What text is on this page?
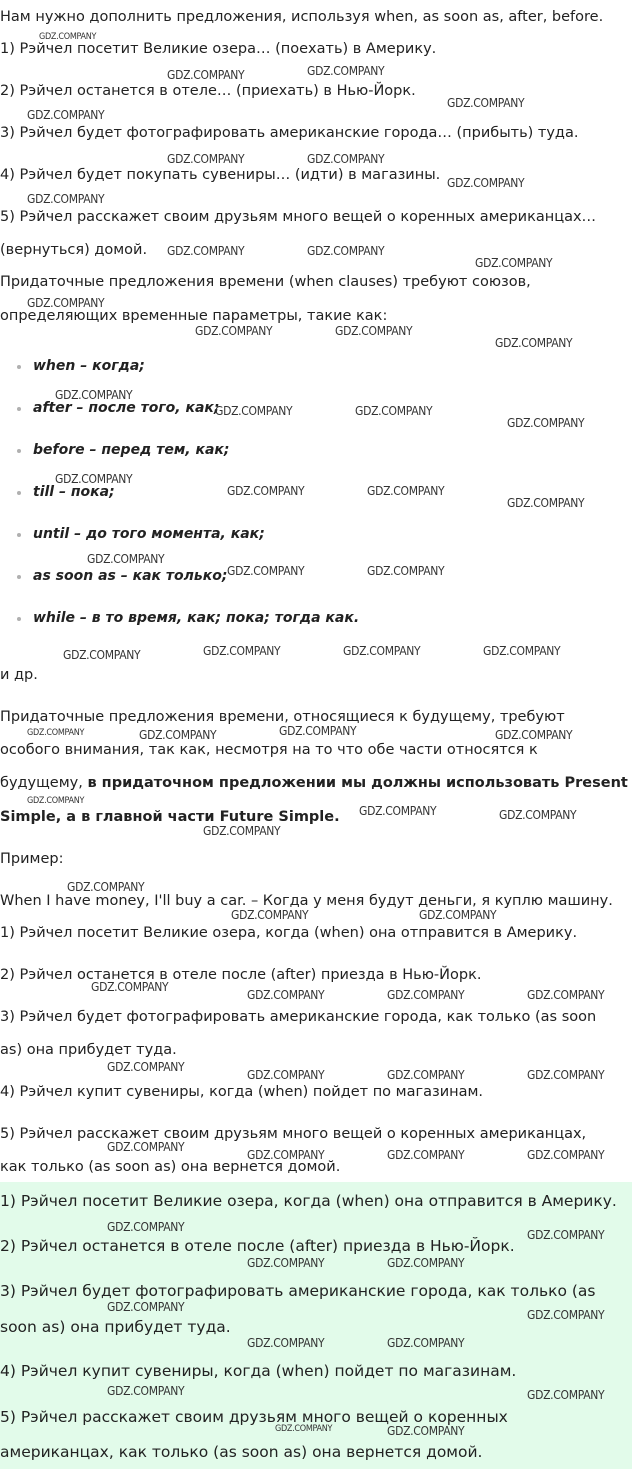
Нам нужно дополнить предложения, используя when, as soon as, after, before.
1) Рэйчел посетит Великие озера… (поехать) в Америку.
2) Рэйчел останется в отеле… (приехать) в Нью-Йорк.
3) Рэйчел будет фотографировать американские города… (прибыть) туда.
4) Рэйчел будет покупать сувениры… (идти) в магазины.
5) Рэйчел расскажет своим друзьям много вещей о коренных американцах…
(вернуться) домой.
Придаточные предложения времени (when clauses) требуют союзов,
определяющих временные параметры, такие как:
when – когда;
after – после того, как;
before – перед тем, как;
till – пока;
until – до того момента, как;
as soon as – как только;
while – в то время, как; пока; тогда как.
и др.
Придаточные предложения времени, относящиеся к будущему, требуют
особого внимания, так как, несмотря на то что обе части относятся к
будущему, в придаточном предложении мы должны использовать Present
Simple, а в главной части Future Simple.
Пример:
When I have money, I'll buy a car. – Когда у меня будут деньги, я куплю машину.
1) Рэйчел посетит Великие озера, когда (when) она отправится в Америку.
2) Рэйчел останется в отеле после (after) приезда в Нью-Йорк.
3) Рэйчел будет фотографировать американские города, как только (as soon
as) она прибудет туда.
4) Рэйчел купит сувениры, когда (when) пойдет по магазинам.
5) Рэйчел расскажет своим друзьям много вещей о коренных американцах,
как только (as soon as) она вернется домой.
1) Рэйчел посетит Великие озера, когда (when) она отправится в Америку.
2) Рэйчел останется в отеле после (after) приезда в Нью-Йорк.
3) Рэйчел будет фотографировать американские города, как только (as
soon as) она прибудет туда.
4) Рэйчел купит сувениры, когда (when) пойдет по магазинам.
5) Рэйчел расскажет своим друзьям много вещей о коренных
американцах, как только (as soon as) она вернется домой.
GDZ.COMPANY
GDZ.COMPANY	GDZ.COMPANY
GDZ.COMPANY
GDZ.COMPANY
GDZ.COMPANY	GDZ.COMPANY
GDZ.COMPANY
GDZ.COMPANY
GDZ.COMPANY	GDZ.COMPANY
GDZ.COMPANY
GDZ.COMPANY
GDZ.COMPANY	GDZ.COMPANY
GDZ.COMPANY
GDZ.COMPANY
GDZ.COMPANY	GDZ.COMPANY
GDZ.COMPANY
GDZ.COMPANY
GDZ.COMPANY	GDZ.COMPANY
GDZ.COMPANY
GDZ.COMPANY
GDZ.COMPANY	GDZ.COMPANY
GDZ.COMPANY	GDZ.COMPANY	GDZ.COMPANY	GDZ.COMPANY
GDZ.COMPANY	GDZ.COMPANY	GDZ.COMPANY	GDZ.COMPANY
GDZ.COMPANY
GDZ.COMPANY	GDZ.COMPANY
GDZ.COMPANY
GDZ.COMPANY
GDZ.COMPANY	GDZ.COMPANY
GDZ.COMPANY
GDZ.COMPANY	GDZ.COMPANY	GDZ.COMPANY
GDZ.COMPANY
GDZ.COMPANY	GDZ.COMPANY	GDZ.COMPANY
GDZ.COMPANY
GDZ.COMPANY	GDZ.COMPANY	GDZ.COMPANY
GDZ.COMPANY
GDZ.COMPANY
GDZ.COMPANY	GDZ.COMPANY
GDZ.COMPANY
GDZ.COMPANY
GDZ.COMPANY	GDZ.COMPANY
GDZ.COMPANY	GDZ.COMPANY
GDZ.COMPANY	GDZ.COMPANY
